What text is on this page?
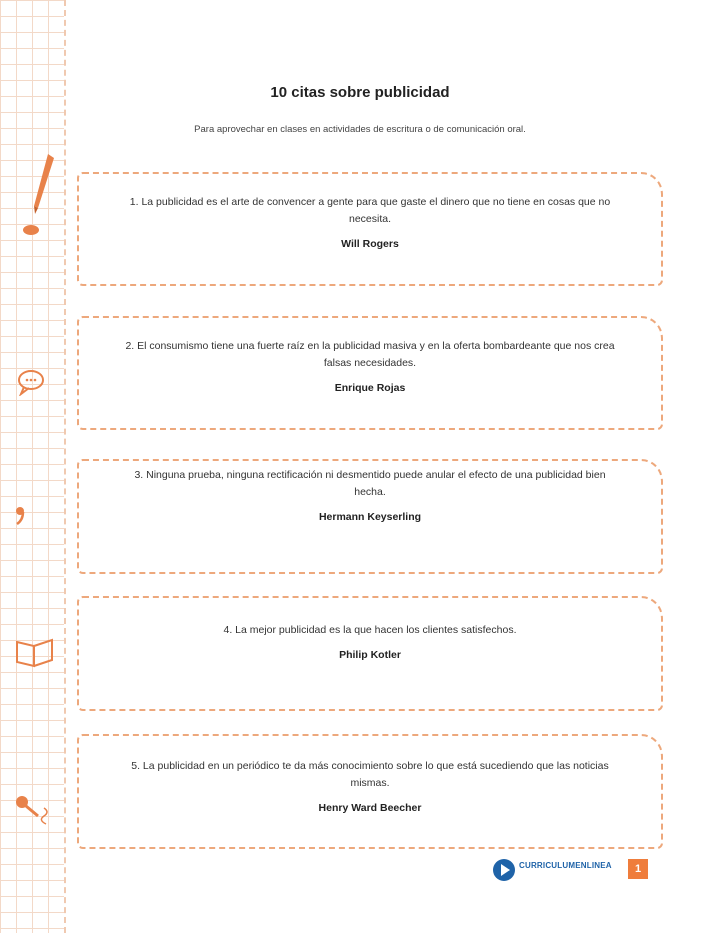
10 citas sobre publicidad
Para aprovechar en clases en actividades de escritura o de comunicación oral.
1. La publicidad es el arte de convencer a gente para que gaste el dinero que no tiene en cosas que no necesita.
Will Rogers
2. El consumismo tiene una fuerte raíz en la publicidad masiva y en la oferta bombardeante que nos crea falsas necesidades.
Enrique Rojas
3. Ninguna prueba, ninguna rectificación ni desmentido puede anular el efecto de una publicidad bien hecha.
Hermann Keyserling
4. La mejor publicidad es la que hacen los clientes satisfechos.
Philip Kotler
5. La publicidad en un periódico te da más conocimiento sobre lo que está sucediendo que las noticias mismas.
Henry Ward Beecher
CURRICULUMENLINEA	1
